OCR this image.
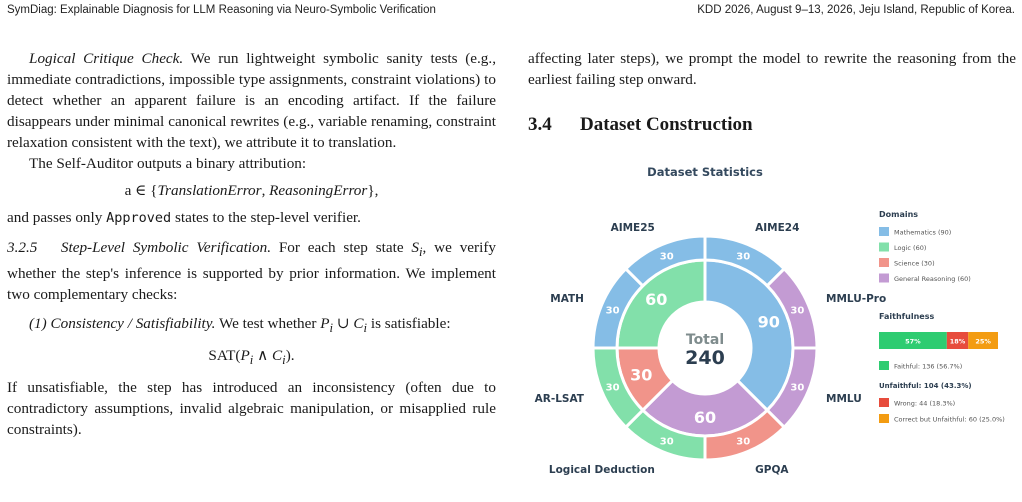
SymDiag: Explainable Diagnosis for LLM Reasoning via Neuro-Symbolic Verification	KDD 2026, August 9–13, 2026, Jeju Island, Republic of Korea.

Logical Critique Check. We run lightweight symbolic sanity tests (e.g., immediate contradictions, impossible type assignments, constraint violations) to detect whether an apparent failure is an encoding artifact. If the failure disappears under minimal canonical rewrites (e.g., variable renaming, constraint relaxation consistent with the text), we attribute it to translation.

The Self-Auditor outputs a binary attribution:

a ∈ {TranslationError, ReasoningError},

and passes only Approved states to the step-level verifier.

3.2.5 Step-Level Symbolic Verification. For each step state $S_i$, we verify whether the step's inference is supported by prior information. We implement two complementary checks:

(1) Consistency / Satisfiability. We test whether $P_i$ ∪ $C_i$ is satisfiable:

$SAT(P_i$ ∧ $C_i$).

If unsatisfiable, the step has introduced an inconsistency (often due to contradictory assumptions, invalid algebraic manipulation, or misapplied rule constraints).

affecting later steps), we prompt the model to rewrite the reasoning from the earliest failing step onward.

3.4 Dataset Construction
Dataset Statistics
90
60
30
60
30
AIME24
30
MMLU-Pro
30
MMLU
30
GPQA
30
Logical Deduction
30
AR-LSAT
30
MATH
30
AIME25
Total
240
Domains
Mathematics (90)
Logic (60)
Science (30)
General Reasoning (60)
Faithfulness
57%	18% 25%
Faithful: 136 (56.7%)
Unfaithful: 104 (43.3%)
Wrong: 44 (18.3%)
Correct but Unfaithful: 60 (25.0%)
